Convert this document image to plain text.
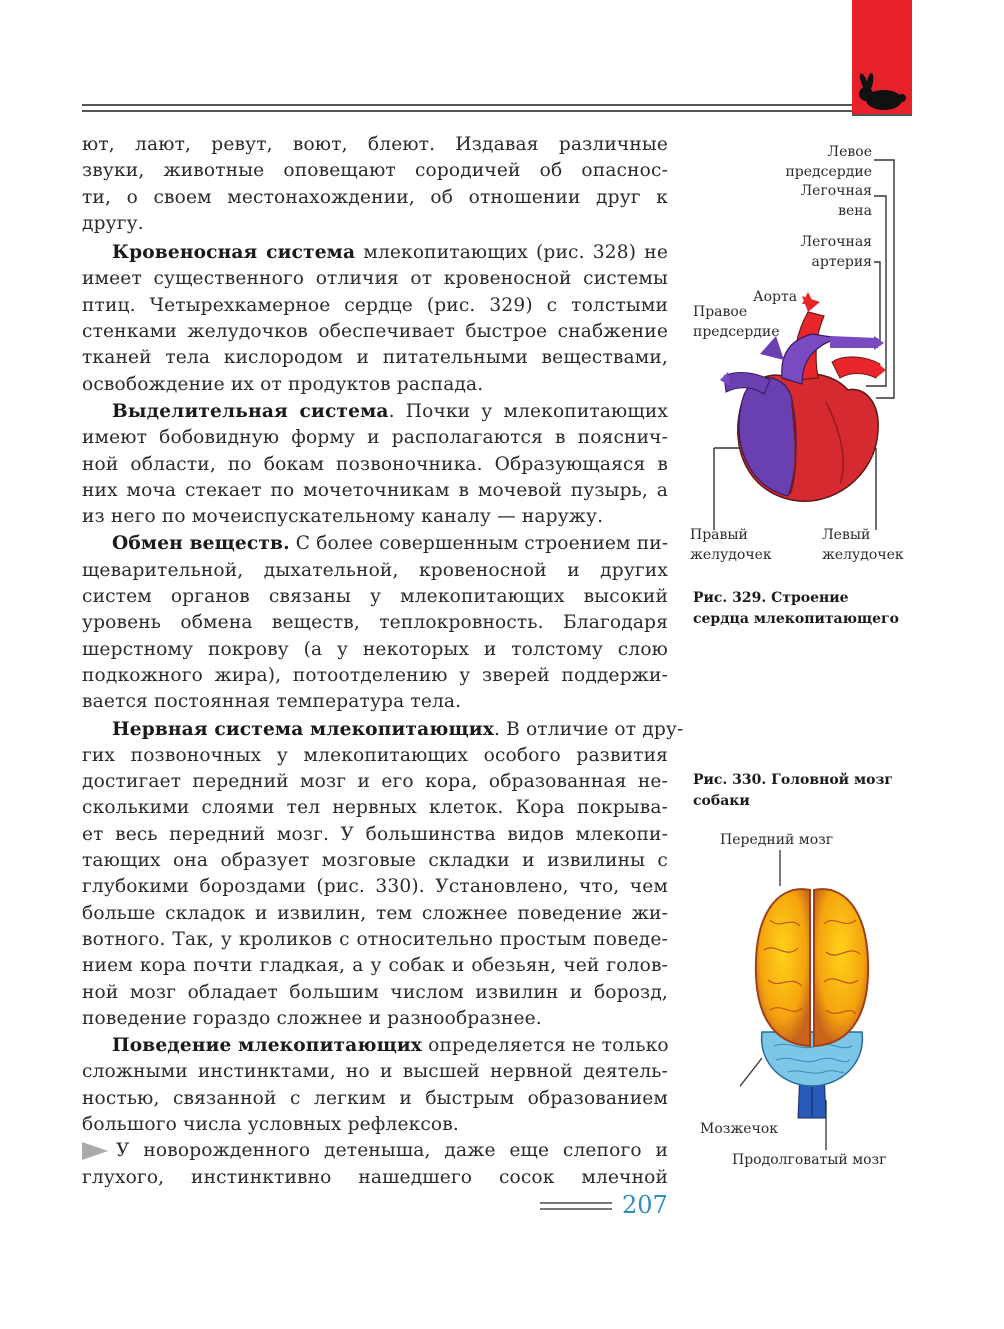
ют, лают, ревут, воют, блеют. Издавая различные
звуки, животные оповещают сородичей об опаснос-
ти, о своем местонахождении, об отношении друг к
другу.
Кровеносная система млекопитающих (рис. 328) не
имеет существенного отличия от кровеносной системы
птиц. Четырехкамерное сердце (рис. 329) с толстыми
стенками желудочков обеспечивает быстрое снабжение
тканей тела кислородом и питательными веществами,
освобождение их от продуктов распада.
Выделительная система. Почки у млекопитающих
имеют бобовидную форму и располагаются в пояснич-
ной области, по бокам позвоночника. Образующаяся в
них моча стекает по мочеточникам в мочевой пузырь, а
из него по мочеиспускательному каналу — наружу.
Обмен веществ. С более совершенным строением пи-
щеварительной, дыхательной, кровеносной и других
систем органов связаны у млекопитающих высокий
уровень обмена веществ, теплокровность. Благодаря
шерстному покрову (а у некоторых и толстому слою
подкожного жира), потоотделению у зверей поддержи-
вается постоянная температура тела.
Нервная система млекопитающих. В отличие от дру-
гих позвоночных у млекопитающих особого развития
достигает передний мозг и его кора, образованная не-
сколькими слоями тел нервных клеток. Кора покрыва-
ет весь передний мозг. У большинства видов млекопи-
тающих она образует мозговые складки и извилины с
глубокими бороздами (рис. 330). Установлено, что, чем
больше складок и извилин, тем сложнее поведение жи-
вотного. Так, у кроликов с относительно простым поведе-
нием кора почти гладкая, а у собак и обезьян, чей голов-
ной мозг обладает большим числом извилин и борозд,
поведение гораздо сложнее и разнообразнее.
Поведение млекопитающих определяется не только
сложными инстинктами, но и высшей нервной деятель-
ностью, связанной с легким и быстрым образованием
большого числа условных рефлексов.
У новорожденного детеныша, даже еще слепого и
глухого, инстинктивно нашедшего сосок млечной
Левое
предсердие
Легочная
вена
Легочная
артерия
Аорта
Правое
предсердие
Правый
желудочек
Левый
желудочек
Рис. 329. Строение
сердца млекопитающего
Рис. 330. Головной мозг
собаки
Передний мозг
Мозжечок
Продолговатый мозг
207
